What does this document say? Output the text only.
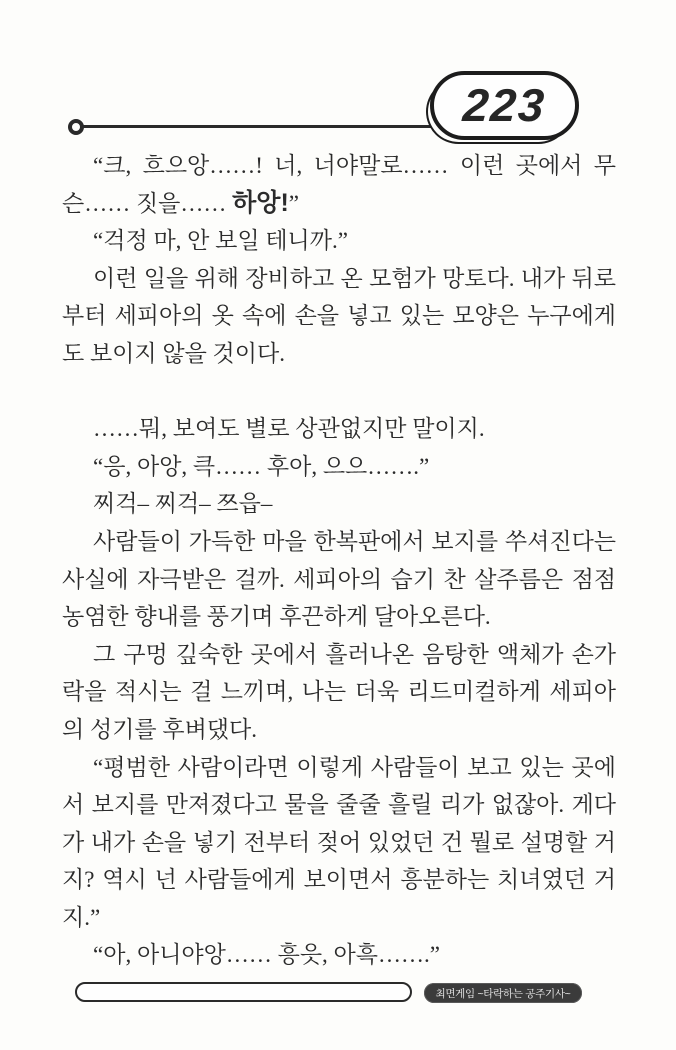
223

“크, 흐으앙……! 너, 너야말로…… 이런 곳에서 무슨…… 짓을…… 하앙!”

“걱정 마, 안 보일 테니까.”

이런 일을 위해 장비하고 온 모험가 망토다. 내가 뒤로부터 세피아의 옷 속에 손을 넣고 있는 모양은 누구에게도 보이지 않을 것이다.

……뭐, 보여도 별로 상관없지만 말이지.

“응, 아앙, 큭…… 후아, 으으…….”

찌걱– 찌걱– 쯔읍–

사람들이 가득한 마을 한복판에서 보지를 쑤셔진다는 사실에 자극받은 걸까. 세피아의 습기 찬 살주름은 점점 농염한 향내를 풍기며 후끈하게 달아오른다.

그 구멍 깊숙한 곳에서 흘러나온 음탕한 액체가 손가락을 적시는 걸 느끼며, 나는 더욱 리드미컬하게 세피아의 성기를 후벼댔다.

“평범한 사람이라면 이렇게 사람들이 보고 있는 곳에서 보지를 만져졌다고 물을 줄줄 흘릴 리가 없잖아. 게다가 내가 손을 넣기 전부터 젖어 있었던 건 뭘로 설명할 거지? 역시 넌 사람들에게 보이면서 흥분하는 치녀였던 거지.”

“아, 아니야앙…… 흥읏, 아흑…….”

최면게임 ~타락하는 공주기사~
